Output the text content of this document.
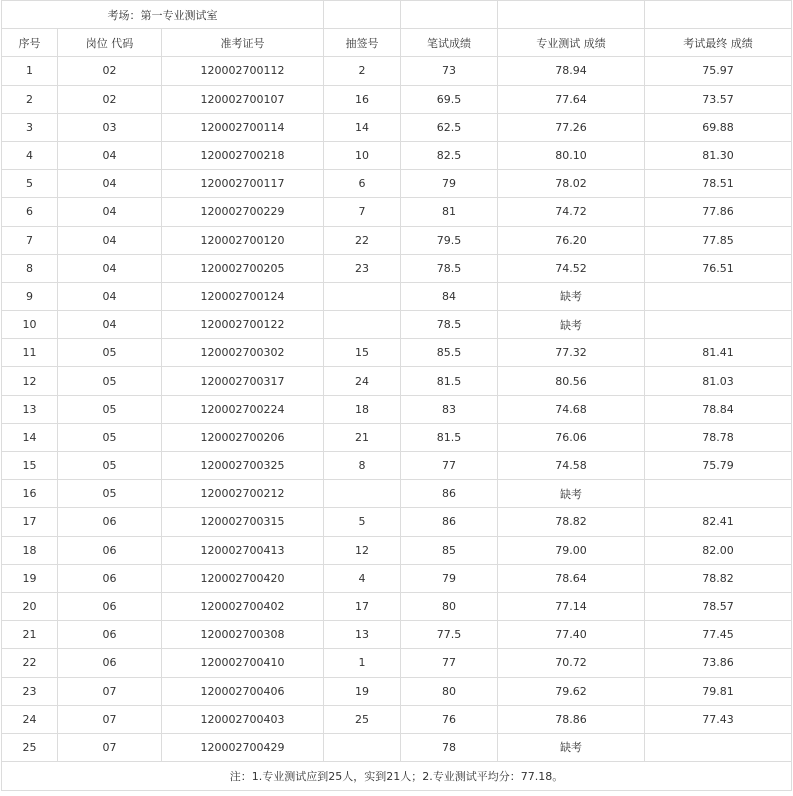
考场：第一专业测试室						
序号	岗位 代码	准考证号	抽签号	笔试成绩	专业测试 成绩	考试最终 成绩
1	02	120002700112	2	73	78.94	75.97
2	02	120002700107	16	69.5	77.64	73.57
3	03	120002700114	14	62.5	77.26	69.88
4	04	120002700218	10	82.5	80.10	81.30
5	04	120002700117	6	79	78.02	78.51
6	04	120002700229	7	81	74.72	77.86
7	04	120002700120	22	79.5	76.20	77.85
8	04	120002700205	23	78.5	74.52	76.51
9	04	120002700124		84	缺考	
10	04	120002700122		78.5	缺考	
11	05	120002700302	15	85.5	77.32	81.41
12	05	120002700317	24	81.5	80.56	81.03
13	05	120002700224	18	83	74.68	78.84
14	05	120002700206	21	81.5	76.06	78.78
15	05	120002700325	8	77	74.58	75.79
16	05	120002700212		86	缺考	
17	06	120002700315	5	86	78.82	82.41
18	06	120002700413	12	85	79.00	82.00
19	06	120002700420	4	79	78.64	78.82
20	06	120002700402	17	80	77.14	78.57
21	06	120002700308	13	77.5	77.40	77.45
22	06	120002700410	1	77	70.72	73.86
23	07	120002700406	19	80	79.62	79.81
24	07	120002700403	25	76	78.86	77.43
25	07	120002700429		78	缺考	
注：1.专业测试应到25人，实到21人；2.专业测试平均分：77.18。						
